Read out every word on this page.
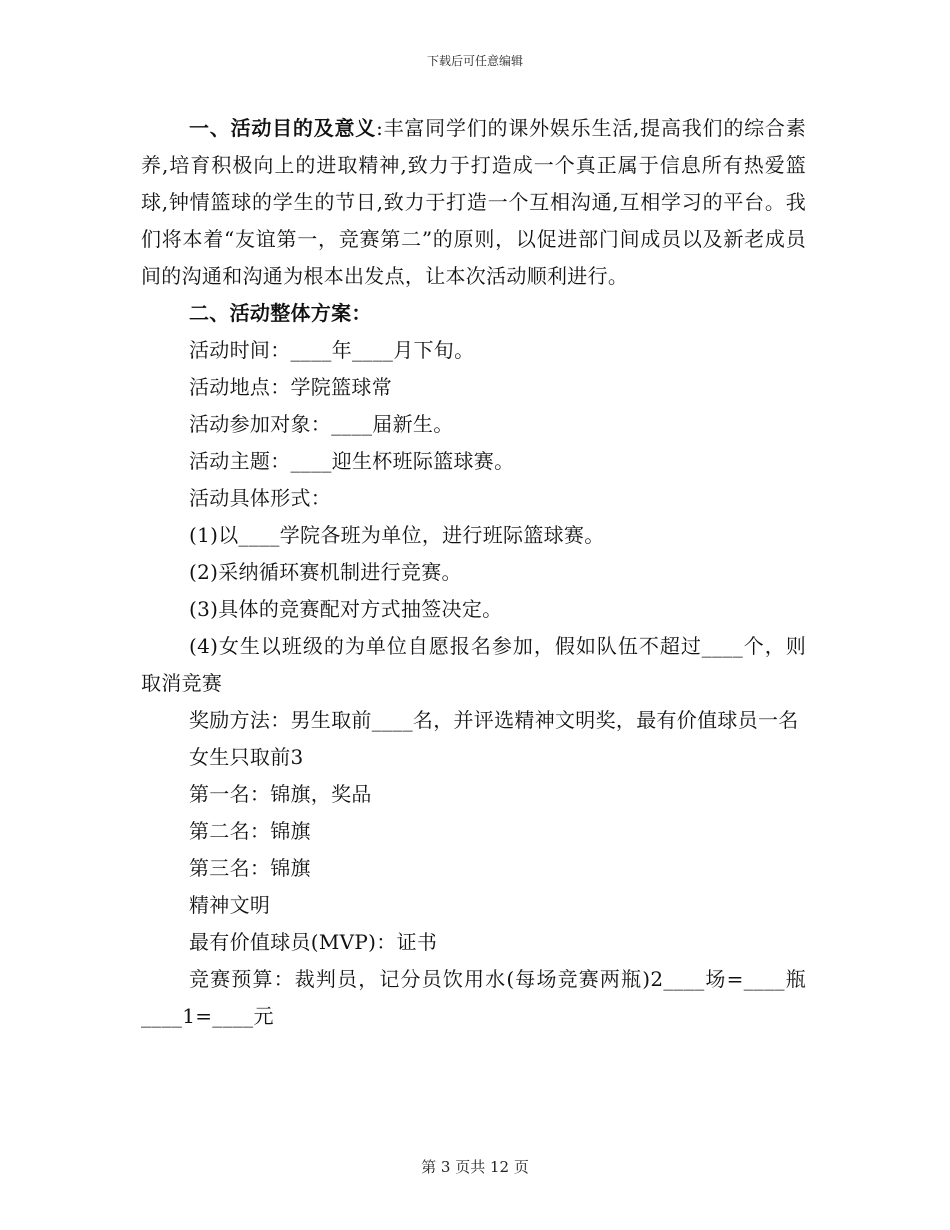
下载后可任意编辑

一、活动目的及意义:丰富同学们的课外娱乐生活,提高我们的综合素养,培育积极向上的进取精神,致力于打造成一个真正属于信息所有热爱篮球,钟情篮球的学生的节日,致力于打造一个互相沟通,互相学习的平台。我们将本着“友谊第一，竞赛第二”的原则，以促进部门间成员以及新老成员间的沟通和沟通为根本出发点，让本次活动顺利进行。

二、活动整体方案：

活动时间：____年____月下旬。

活动地点：学院篮球常

活动参加对象：____届新生。

活动主题：____迎生杯班际篮球赛。

活动具体形式：

(1)以____学院各班为单位，进行班际篮球赛。

(2)采纳循环赛机制进行竞赛。

(3)具体的竞赛配对方式抽签决定。

(4)女生以班级的为单位自愿报名参加，假如队伍不超过____个，则取消竞赛

奖励方法：男生取前____名，并评选精神文明奖，最有价值球员一名

女生只取前3

第一名：锦旗，奖品

第二名：锦旗

第三名：锦旗

精神文明

最有价值球员(MVP)：证书

竞赛预算：裁判员，记分员饮用水(每场竞赛两瓶)2____场=____瓶____1=____元

第 3 页共 12 页
